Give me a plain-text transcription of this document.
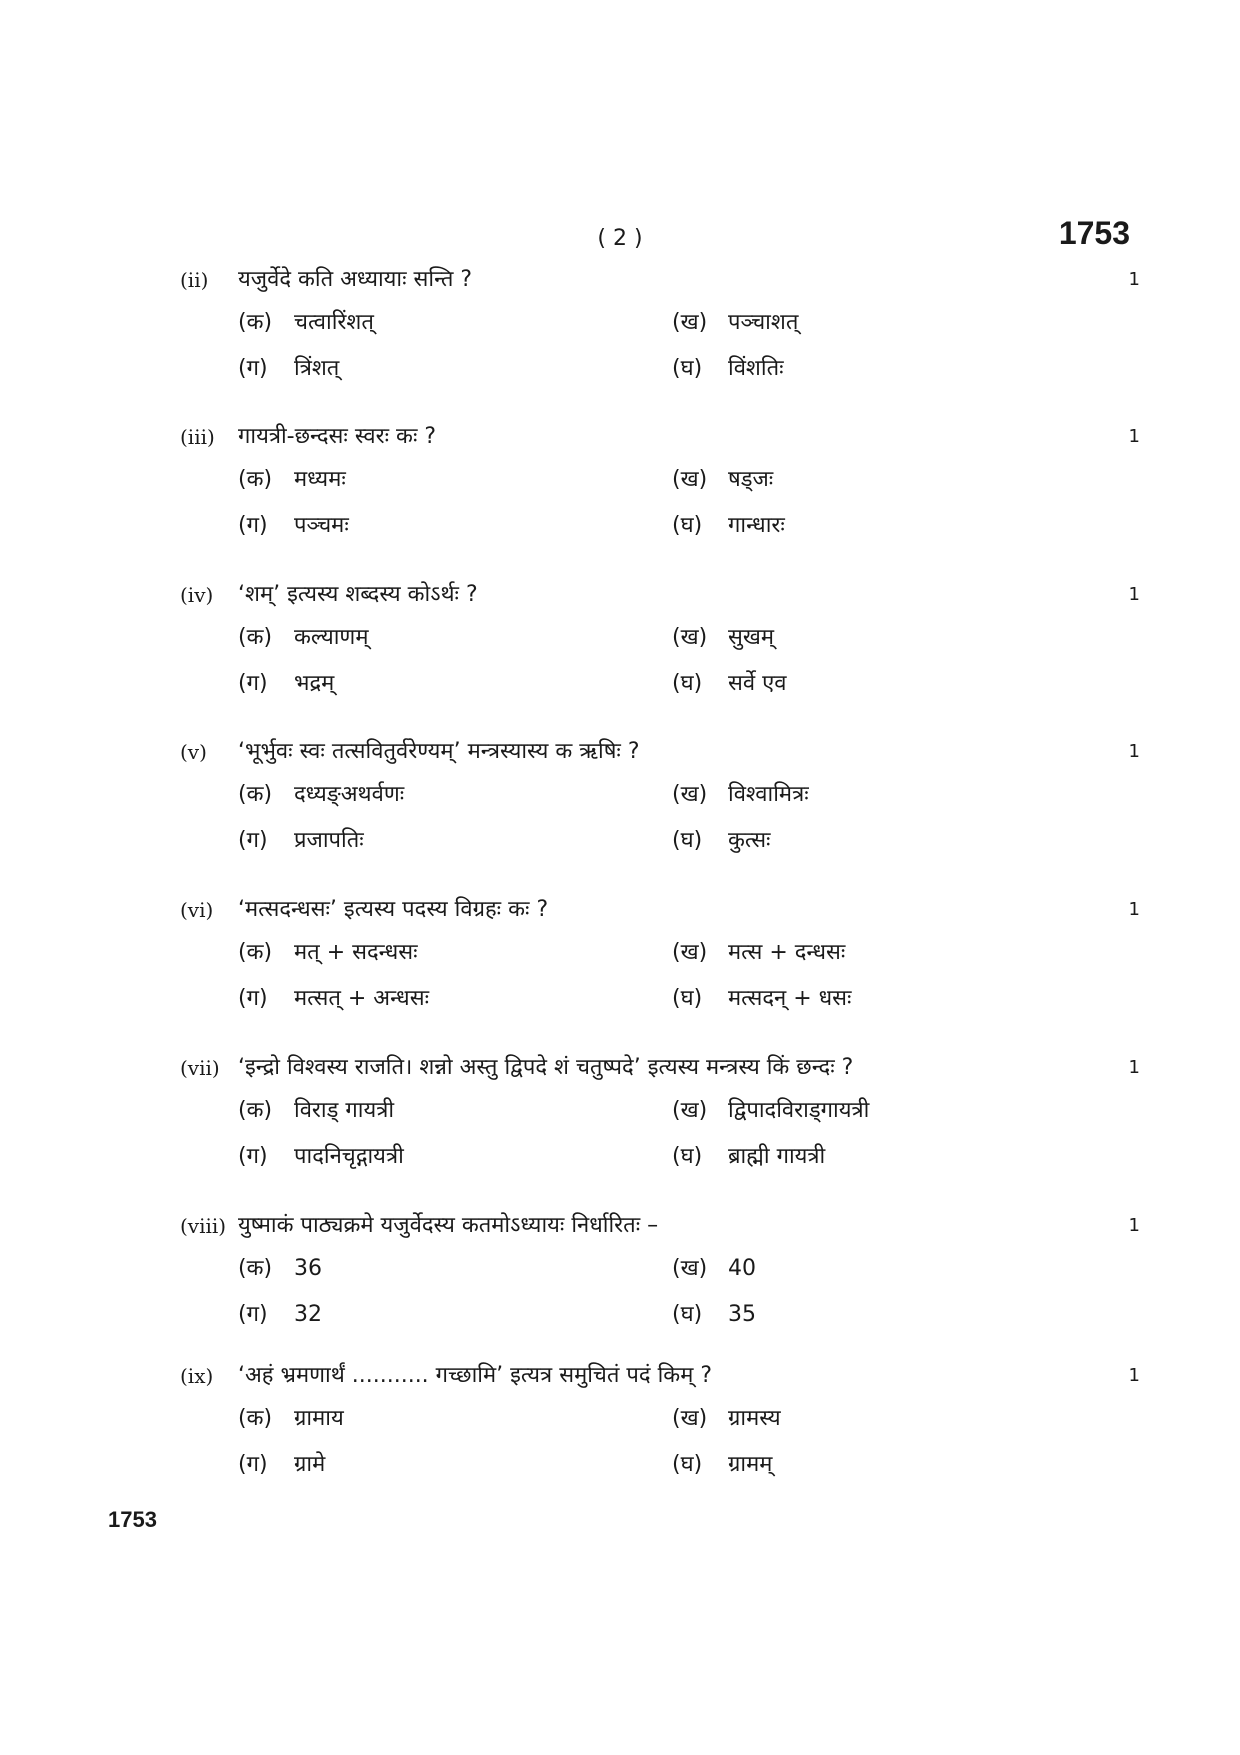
( 2 )	1753
(ii) यजुर्वेदे कति अध्यायाः सन्ति ?	1
(क) चत्वारिंशत्	(ख) पञ्चाशत्
(ग) त्रिंशत्	(घ) विंशतिः
(iii) गायत्री-छन्दसः स्वरः कः ?	1
(क) मध्यमः	(ख) षड्जः
(ग) पञ्चमः	(घ) गान्धारः
(iv) ‘शम्’ इत्यस्य शब्दस्य कोऽर्थः ?	1
(क) कल्याणम्	(ख) सुखम्
(ग) भद्रम्	(घ) सर्वे एव
(v) ‘भूर्भुवः स्वः तत्सवितुर्वरेण्यम्’ मन्त्रस्यास्य क ऋषिः ?	1
(क) दध्यङ्अथर्वणः	(ख) विश्वामित्रः
(ग) प्रजापतिः	(घ) कुत्सः
(vi) ‘मत्सदन्धसः’ इत्यस्य पदस्य विग्रहः कः ?	1
(क) मत् + सदन्धसः	(ख) मत्स + दन्धसः
(ग) मत्सत् + अन्धसः	(घ) मत्सदन् + धसः
(vii) ‘इन्द्रो विश्वस्य राजति। शन्नो अस्तु द्विपदे शं चतुष्पदे’ इत्यस्य मन्त्रस्य किं छन्दः ?	1
(क) विराड् गायत्री	(ख) द्विपादविराड्गायत्री
(ग) पादनिचृद्गायत्री	(घ) ब्राह्मी गायत्री
(viii) युष्माकं पाठ्यक्रमे यजुर्वेदस्य कतमोऽध्यायः निर्धारितः –	1
(क) 36	(ख) 40
(ग) 32	(घ) 35
(ix) ‘अहं भ्रमणार्थं ........... गच्छामि’ इत्यत्र समुचितं पदं किम् ?	1
(क) ग्रामाय	(ख) ग्रामस्य
(ग) ग्रामे	(घ) ग्रामम्
1753
